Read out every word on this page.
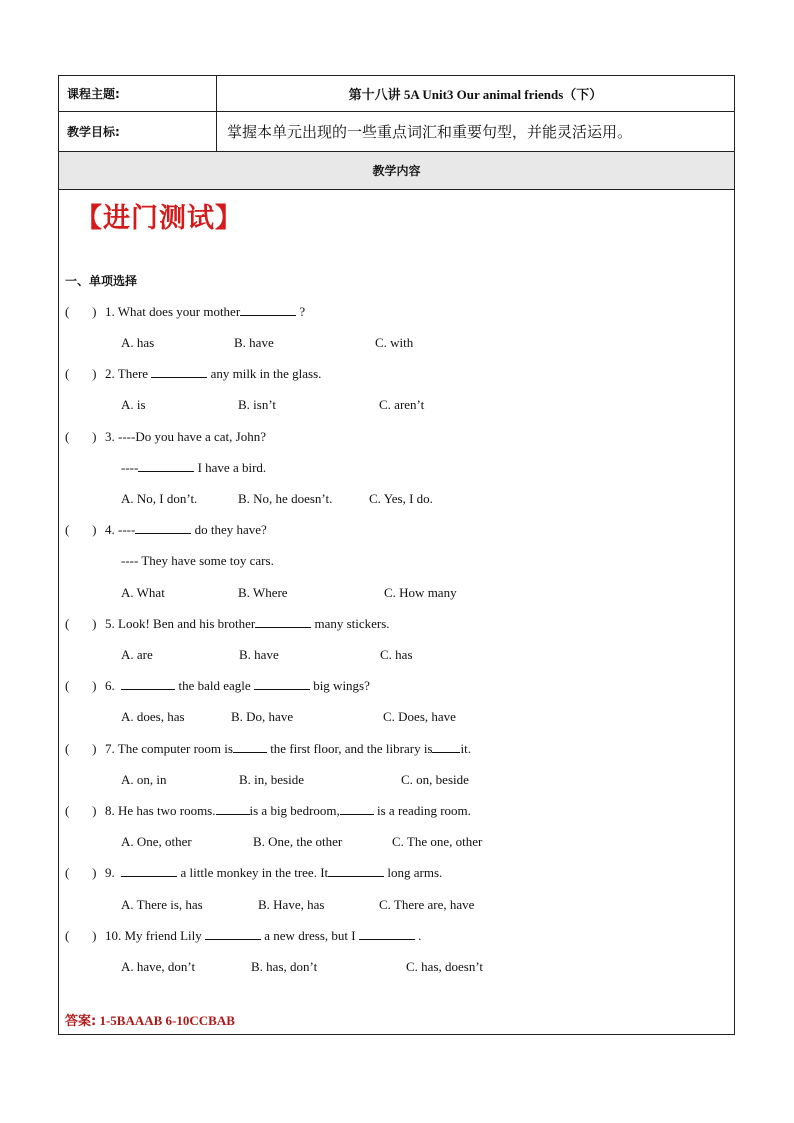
课程主题:	第十八讲 5A Unit3 Our animal friends（下）
教学目标:	掌握本单元出现的一些重点词汇和重要句型，并能灵活运用。
教学内容
【进门测试】
一、单项选择
(       ) 1. What does your mother	?
A. has	B. have	C. with
(       ) 2. There	any milk in the glass.
A. is	B. isn’t	C. aren’t
(       ) 3. ----Do you have a cat, John?
----	I have a bird.
A. No, I don’t.	B. No, he doesn’t.	C. Yes, I do.
(       ) 4. ----	do they have?
---- They have some toy cars.
A. What	B. Where	C. How many
(       ) 5. Look! Ben and his brother	many stickers.
A. are	B. have	C. has
(       ) 6.	the bald eagle	big wings?
A. does, has	B. Do, have	C. Does, have
(       ) 7. The computer room is	the first floor, and the library is it.
A. on, in	B. in, beside	C. on, beside
(       ) 8. He has two rooms.	is a big bedroom,	is a reading room.
A. One, other	B. One, the other	C. The one, other
(       ) 9.	a little monkey in the tree. It	long arms.
A. There is, has	B. Have, has	C. There are, have
(       ) 10. My friend Lily	a new dress, but I	.
A. have, don’t	B. has, don’t	C. has, doesn’t
答案: 1-5BAAAB 6-10CCBAB
